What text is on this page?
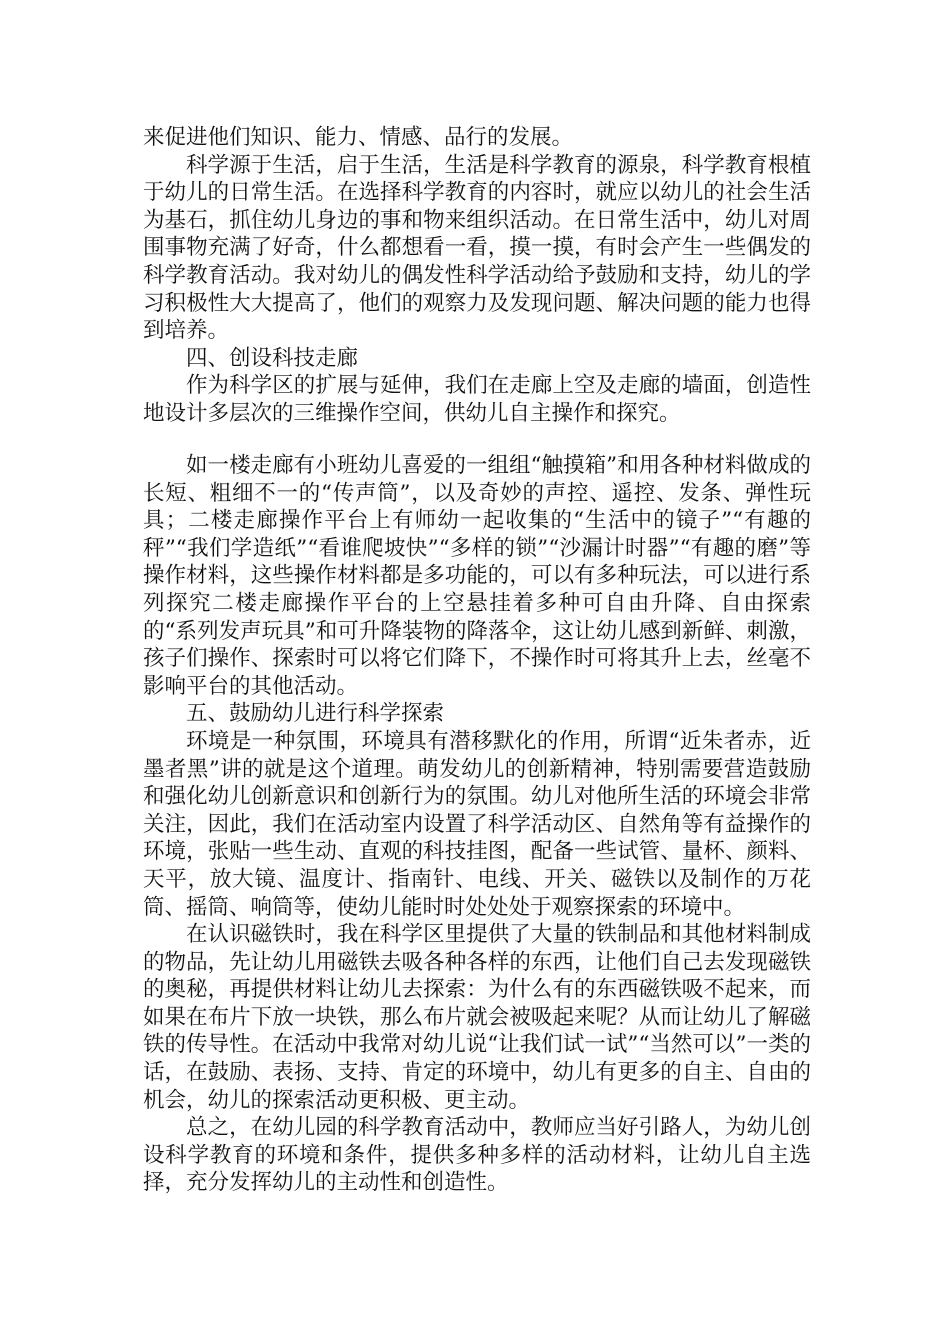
来促进他们知识、能力、情感、品行的发展。

科学源于生活，启于生活，生活是科学教育的源泉，科学教育根植于幼儿的日常生活。在选择科学教育的内容时，就应以幼儿的社会生活为基石，抓住幼儿身边的事和物来组织活动。在日常生活中，幼儿对周围事物充满了好奇，什么都想看一看，摸一摸，有时会产生一些偶发的科学教育活动。我对幼儿的偶发性科学活动给予鼓励和支持，幼儿的学习积极性大大提高了，他们的观察力及发现问题、解决问题的能力也得到培养。

四、创设科技走廊

作为科学区的扩展与延伸，我们在走廊上空及走廊的墙面，创造性地设计多层次的三维操作空间，供幼儿自主操作和探究。

如一楼走廊有小班幼儿喜爱的一组组“触摸箱”和用各种材料做成的长短、粗细不一的“传声筒”，以及奇妙的声控、遥控、发条、弹性玩具；二楼走廊操作平台上有师幼一起收集的“生活中的镜子”“有趣的秤”“我们学造纸”“看谁爬坡快”“多样的锁”“沙漏计时器”“有趣的磨”等操作材料，这些操作材料都是多功能的，可以有多种玩法，可以进行系列探究二楼走廊操作平台的上空悬挂着多种可自由升降、自由探索的“系列发声玩具”和可升降装物的降落伞，这让幼儿感到新鲜、刺激，孩子们操作、探索时可以将它们降下，不操作时可将其升上去，丝毫不影响平台的其他活动。

五、鼓励幼儿进行科学探索

环境是一种氛围，环境具有潜移默化的作用，所谓“近朱者赤，近墨者黑”讲的就是这个道理。萌发幼儿的创新精神，特别需要营造鼓励和强化幼儿创新意识和创新行为的氛围。幼儿对他所生活的环境会非常关注，因此，我们在活动室内设置了科学活动区、自然角等有益操作的环境，张贴一些生动、直观的科技挂图，配备一些试管、量杯、颜料、天平，放大镜、温度计、指南针、电线、开关、磁铁以及制作的万花筒、摇筒、响筒等，使幼儿能时时处处处于观察探索的环境中。

在认识磁铁时，我在科学区里提供了大量的铁制品和其他材料制成的物品，先让幼儿用磁铁去吸各种各样的东西，让他们自己去发现磁铁的奥秘，再提供材料让幼儿去探索：为什么有的东西磁铁吸不起来，而如果在布片下放一块铁，那么布片就会被吸起来呢？从而让幼儿了解磁铁的传导性。在活动中我常对幼儿说“让我们试一试”“当然可以”一类的话，在鼓励、表扬、支持、肯定的环境中，幼儿有更多的自主、自由的机会，幼儿的探索活动更积极、更主动。

总之，在幼儿园的科学教育活动中，教师应当好引路人，为幼儿创设科学教育的环境和条件，提供多种多样的活动材料，让幼儿自主选择，充分发挥幼儿的主动性和创造性。
